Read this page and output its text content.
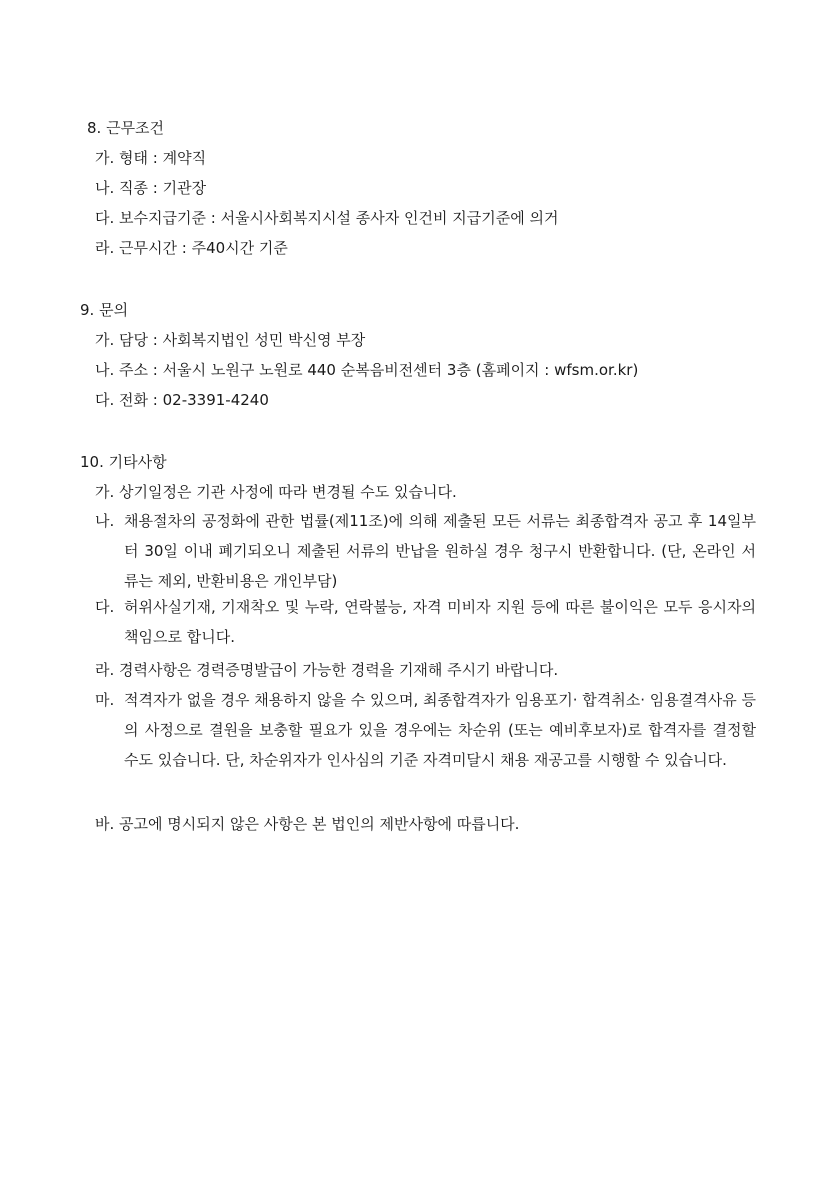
8. 근무조건
가. 형태 : 계약직
나. 직종 : 기관장
다. 보수지급기준 : 서울시사회복지시설 종사자 인건비 지급기준에 의거
라. 근무시간 : 주40시간 기준
9. 문의
가. 담당 : 사회복지법인 성민 박신영 부장
나. 주소 : 서울시 노원구 노원로 440 순복음비전센터 3층 (홈페이지 : wfsm.or.kr)
다. 전화 : 02-3391-4240
10. 기타사항
가. 상기일정은 기관 사정에 따라 변경될 수도 있습니다.
나. 채용절차의 공정화에 관한 법률(제11조)에 의해 제출된 모든 서류는 최종합격자 공고 후 14일부터 30일 이내 폐기되오니 제출된 서류의 반납을 원하실 경우 청구시 반환합니다. (단, 온라인 서류는 제외, 반환비용은 개인부담)
다. 허위사실기재, 기재착오 및 누락, 연락불능, 자격 미비자 지원 등에 따른 불이익은 모두 응시자의 책임으로 합니다.
라. 경력사항은 경력증명발급이 가능한 경력을 기재해 주시기 바랍니다.
마. 적격자가 없을 경우 채용하지 않을 수 있으며, 최종합격자가 임용포기· 합격취소· 임용결격사유 등의 사정으로 결원을 보충할 필요가 있을 경우에는 차순위 (또는 예비후보자)로 합격자를 결정할 수도 있습니다. 단, 차순위자가 인사심의 기준 자격미달시 채용 재공고를 시행할 수 있습니다.
바. 공고에 명시되지 않은 사항은 본 법인의 제반사항에 따릅니다.
